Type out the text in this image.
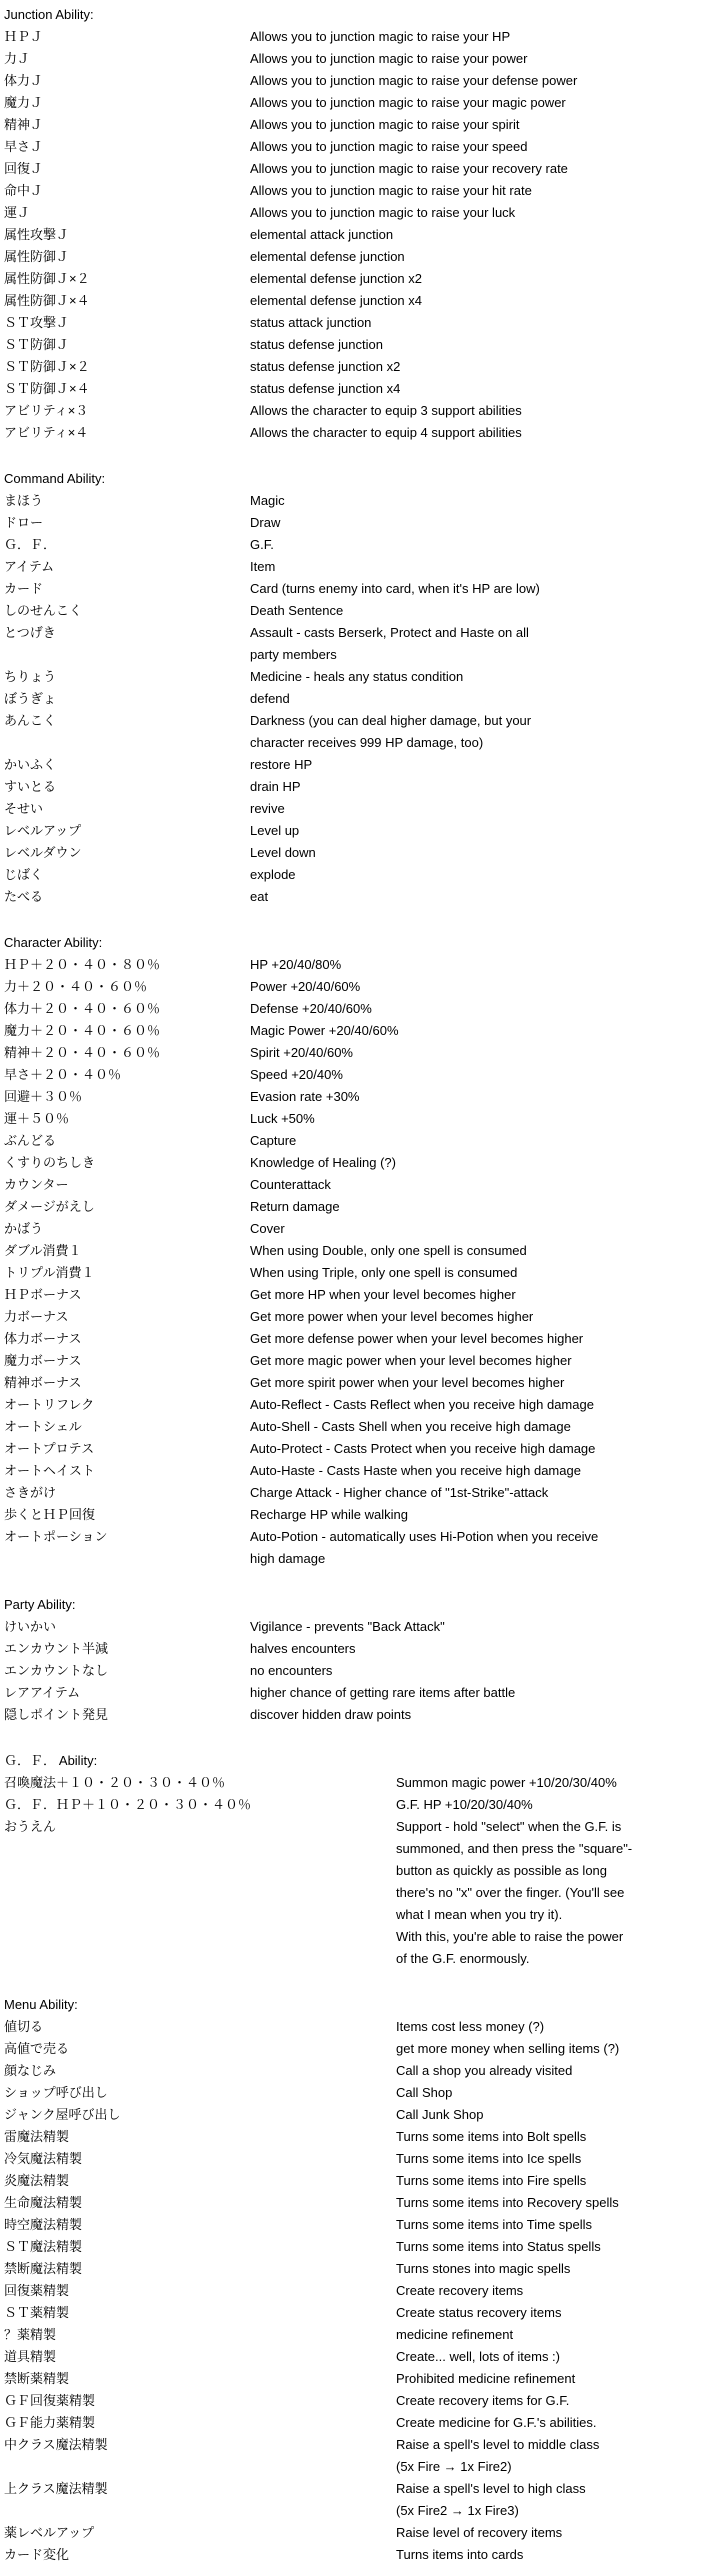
Junction Ability:
ＨＰＪ	Allows you to junction magic to raise your HP
力Ｊ	Allows you to junction magic to raise your power
体力Ｊ	Allows you to junction magic to raise your defense power
魔力Ｊ	Allows you to junction magic to raise your magic power
精神Ｊ	Allows you to junction magic to raise your spirit
早さＪ	Allows you to junction magic to raise your speed
回復Ｊ	Allows you to junction magic to raise your recovery rate
命中Ｊ	Allows you to junction magic to raise your hit rate
運Ｊ	Allows you to junction magic to raise your luck
属性攻撃Ｊ	elemental attack junction
属性防御Ｊ	elemental defense junction
属性防御Ｊ×２	elemental defense junction x2
属性防御Ｊ×４	elemental defense junction x4
ＳＴ攻撃Ｊ	status attack junction
ＳＴ防御Ｊ	status defense junction
ＳＴ防御Ｊ×２	status defense junction x2
ＳＴ防御Ｊ×４	status defense junction x4
アビリティ×３	Allows the character to equip 3 support abilities
アビリティ×４	Allows the character to equip 4 support abilities
Command Ability:
まほう	Magic
ドロー	Draw
Ｇ．Ｆ．	G.F.
アイテム	Item
カード	Card (turns enemy into card, when it's HP are low)
しのせんこく	Death Sentence
とつげき	Assault - casts Berserk, Protect and Haste on all
party members
ちりょう	Medicine - heals any status condition
ぼうぎょ	defend
あんこく	Darkness (you can deal higher damage, but your
character receives 999 HP damage, too)
かいふく	restore HP
すいとる	drain HP
そせい	revive
レベルアップ	Level up
レベルダウン	Level down
じばく	explode
たべる	eat
Character Ability:
ＨＰ＋２０・４０・８０％	HP +20/40/80%
力＋２０・４０・６０％	Power +20/40/60%
体力＋２０・４０・６０％	Defense +20/40/60%
魔力＋２０・４０・６０％	Magic Power +20/40/60%
精神＋２０・４０・６０％	Spirit +20/40/60%
早さ＋２０・４０％	Speed +20/40%
回避＋３０％	Evasion rate +30%
運＋５０％	Luck +50%
ぶんどる	Capture
くすりのちしき	Knowledge of Healing (?)
カウンター	Counterattack
ダメージがえし	Return damage
かばう	Cover
ダブル消費１	When using Double, only one spell is consumed
トリプル消費１	When using Triple, only one spell is consumed
ＨＰボーナス	Get more HP when your level becomes higher
力ボーナス	Get more power when your level becomes higher
体力ボーナス	Get more defense power when your level becomes higher
魔力ボーナス	Get more magic power when your level becomes higher
精神ボーナス	Get more spirit power when your level becomes higher
オートリフレク	Auto-Reflect - Casts Reflect when you receive high damage
オートシェル	Auto-Shell - Casts Shell when you receive high damage
オートプロテス	Auto-Protect - Casts Protect when you receive high damage
オートヘイスト	Auto-Haste - Casts Haste when you receive high damage
さきがけ	Charge Attack - Higher chance of "1st-Strike"-attack
歩くとＨＰ回復	Recharge HP while walking
オートポーション	Auto-Potion - automatically uses Hi-Potion when you receive
high damage
Party Ability:
けいかい	Vigilance - prevents "Back Attack"
エンカウント半減	halves encounters
エンカウントなし	no encounters
レアアイテム	higher chance of getting rare items after battle
隠しポイント発見	discover hidden draw points
Ｇ．Ｆ． Ability:
召喚魔法＋１０・２０・３０・４０％	Summon magic power +10/20/30/40%
Ｇ．Ｆ．ＨＰ＋１０・２０・３０・４０％	G.F. HP +10/20/30/40%
おうえん	Support - hold "select" when the G.F. is
summoned, and then press the "square"-
button as quickly as possible as long
there's no "x" over the finger. (You'll see
what I mean when you try it).
With this, you're able to raise the power
of the G.F. enormously.
Menu Ability:
値切る	Items cost less money (?)
高値で売る	get more money when selling items (?)
顔なじみ	Call a shop you already visited
ショップ呼び出し	Call Shop
ジャンク屋呼び出し	Call Junk Shop
雷魔法精製	Turns some items into Bolt spells
冷気魔法精製	Turns some items into Ice spells
炎魔法精製	Turns some items into Fire spells
生命魔法精製	Turns some items into Recovery spells
時空魔法精製	Turns some items into Time spells
ＳＴ魔法精製	Turns some items into Status spells
禁断魔法精製	Turns stones into magic spells
回復薬精製	Create recovery items
ＳＴ薬精製	Create status recovery items
？薬精製	medicine refinement
道具精製	Create... well, lots of items :)
禁断薬精製	Prohibited medicine refinement
ＧＦ回復薬精製	Create recovery items for G.F.
ＧＦ能力薬精製	Create medicine for G.F.'s abilities.
中クラス魔法精製	Raise a spell's level to middle class
(5x Fire → 1x Fire2)
上クラス魔法精製	Raise a spell's level to high class
(5x Fire2 → 1x Fire3)
薬レベルアップ	Raise level of recovery items
カード変化	Turns items into cards
